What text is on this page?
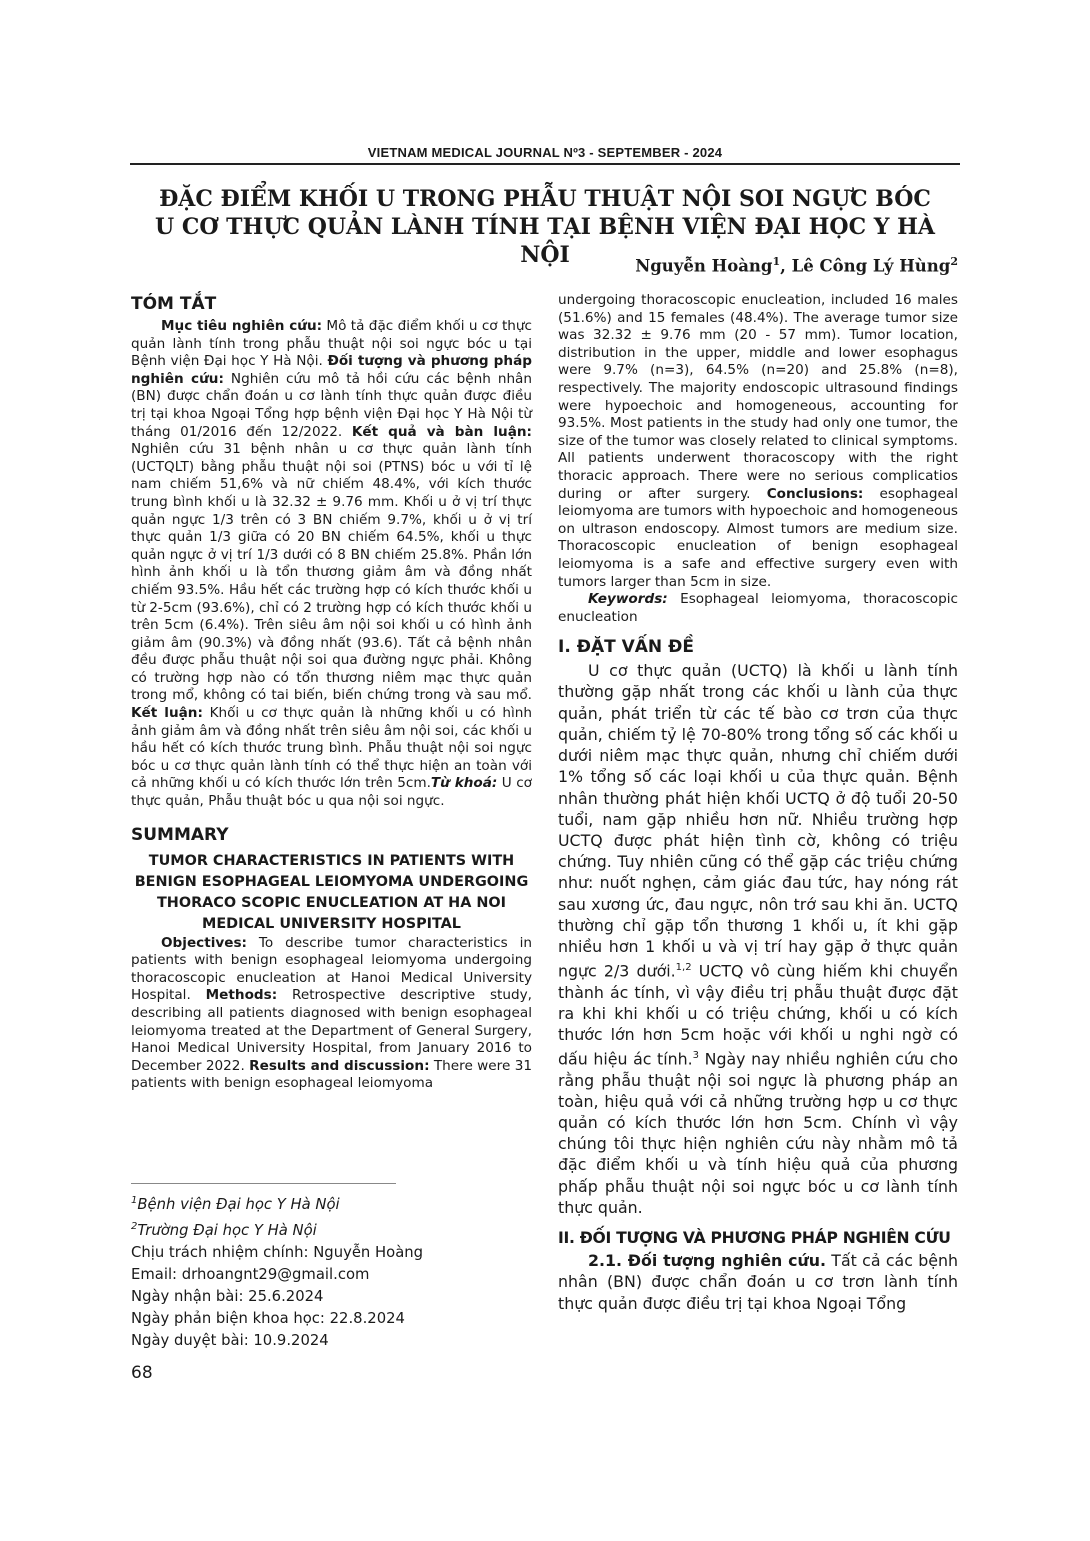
VIETNAM MEDICAL JOURNAL Nº3 - SEPTEMBER - 2024
ĐẶC ĐIỂM KHỐI U TRONG PHẪU THUẬT NỘI SOI NGỰC BÓC
U CƠ THỰC QUẢN LÀNH TÍNH TẠI BỆNH VIỆN ĐẠI HỌC Y HÀ NỘI	Nguyễn Hoàng$^1$, Lê Công Lý Hùng$^2$
TÓM TẮT

Mục tiêu nghiên cứu: Mô tả đặc điểm khối u cơ thực quản lành tính trong phẫu thuật nội soi ngực bóc u tại Bệnh viện Đại học Y Hà Nội. Đối tượng và phương pháp nghiên cứu: Nghiên cứu mô tả hồi cứu các bệnh nhân (BN) được chẩn đoán u cơ lành tính thực quản được điều trị tại khoa Ngoại Tổng hợp bệnh viện Đại học Y Hà Nội từ tháng 01/2016 đến 12/2022. Kết quả và bàn luận: Nghiên cứu 31 bệnh nhân u cơ thực quản lành tính (UCTQLT) bằng phẫu thuật nội soi (PTNS) bóc u với tỉ lệ nam chiếm 51,6% và nữ chiếm 48.4%, với kích thước trung bình khối u là 32.32 ± 9.76 mm. Khối u ở vị trí thực quản ngực 1/3 trên có 3 BN chiếm 9.7%, khối u ở vị trí thực quản 1/3 giữa có 20 BN chiếm 64.5%, khối u thực quản ngực ở vị trí 1/3 dưới có 8 BN chiếm 25.8%. Phần lớn hình ảnh khối u là tổn thương giảm âm và đồng nhất chiếm 93.5%. Hầu hết các trường hợp có kích thước khối u từ 2-5cm (93.6%), chỉ có 2 trường hợp có kích thước khối u trên 5cm (6.4%). Trên siêu âm nội soi khối u có hình ảnh giảm âm (90.3%) và đồng nhất (93.6). Tất cả bệnh nhân đều được phẫu thuật nội soi qua đường ngực phải. Không có trường hợp nào có tổn thương niêm mạc thực quản trong mổ, không có tai biến, biến chứng trong và sau mổ. Kết luận: Khối u cơ thực quản là những khối u có hình ảnh giảm âm và đồng nhất trên siêu âm nội soi, các khối u hầu hết có kích thước trung bình. Phẫu thuật nội soi ngực bóc u cơ thực quản lành tính có thể thực hiện an toàn với cả những khối u có kích thước lớn trên 5cm.Từ khoá: U cơ thực quản, Phẫu thuật bóc u qua nội soi ngực.

SUMMARY
TUMOR CHARACTERISTICS IN PATIENTS WITH BENIGN ESOPHAGEAL LEIOMYOMA UNDERGOING THORACO SCOPIC ENUCLEATION AT HA NOI MEDICAL UNIVERSITY HOSPITAL

Objectives: To describe tumor characteristics in patients with benign esophageal leiomyoma undergoing thoracoscopic enucleation at Hanoi Medical University Hospital. Methods: Retrospective descriptive study, describing all patients diagnosed with benign esophageal leiomyoma treated at the Department of General Surgery, Hanoi Medical University Hospital, from January 2016 to December 2022. Results and discussion: There were 31 patients with benign esophageal leiomyoma

$^1$Bệnh viện Đại học Y Hà Nội
$^2$Trường Đại học Y Hà Nội
Chịu trách nhiệm chính: Nguyễn Hoàng
Email: drhoangnt29@gmail.com
Ngày nhận bài: 25.6.2024
Ngày phản biện khoa học: 22.8.2024
Ngày duyệt bài: 10.9.2024
68

undergoing thoracoscopic enucleation, included 16 males (51.6%) and 15 females (48.4%). The average tumor size was 32.32 ± 9.76 mm (20 - 57 mm). Tumor location, distribution in the upper, middle and lower esophagus were 9.7% (n=3), 64.5% (n=20) and 25.8% (n=8), respectively. The majority endoscopic ultrasound findings were hypoechoic and homogeneous, accounting for 93.5%. Most patients in the study had only one tumor, the size of the tumor was closely related to clinical symptoms. All patients underwent thoracoscopy with the right thoracic approach. There were no serious complicatios during or after surgery. Conclusions: esophageal leiomyoma are tumors with hypoechoic and homogeneous on ultrason endoscopy. Almost tumors are medium size. Thoracoscopic enucleation of benign esophageal leiomyoma is a safe and effective surgery even with tumors larger than 5cm in size.

Keywords: Esophageal leiomyoma, thoracoscopic enucleation

I. ĐẶT VẤN ĐỀ

U cơ thực quản (UCTQ) là khối u lành tính thường gặp nhất trong các khối u lành của thực quản, phát triển từ các tế bào cơ trơn của thực quản, chiếm tỷ lệ 70-80% trong tổng số các khối u dưới niêm mạc thực quản, nhưng chỉ chiếm dưới 1% tổng số các loại khối u của thực quản. Bệnh nhân thường phát hiện khối UCTQ ở độ tuổi 20-50 tuổi, nam gặp nhiều hơn nữ. Nhiều trường hợp UCTQ được phát hiện tình cờ, không có triệu chứng. Tuy nhiên cũng có thể gặp các triệu chứng như: nuốt nghẹn, cảm giác đau tức, hay nóng rát sau xương ức, đau ngực, nôn trớ sau khi ăn. UCTQ thường chỉ gặp tổn thương 1 khối u, ít khi gặp nhiều hơn 1 khối u và vị trí hay gặp ở thực quản ngực 2/3 dưới.$^{1,2}$ UCTQ vô cùng hiếm khi chuyển thành ác tính, vì vậy điều trị phẫu thuật được đặt ra khi khi khối u có triệu chứng, khối u có kích thước lớn hơn 5cm hoặc với khối u nghi ngờ có dấu hiệu ác tính.$^3$ Ngày nay nhiều nghiên cứu cho rằng phẫu thuật nội soi ngực là phương pháp an toàn, hiệu quả với cả những trường hợp u cơ thực quản có kích thước lớn hơn 5cm. Chính vì vậy chúng tôi thực hiện nghiên cứu này nhằm mô tả đặc điểm khối u và tính hiệu quả của phương phấp phẫu thuật nội soi ngực bóc u cơ lành tính thực quản.

II. ĐỐI TƯỢNG VÀ PHƯƠNG PHÁP NGHIÊN CỨU

2.1. Đối tượng nghiên cứu. Tất cả các bệnh nhân (BN) được chẩn đoán u cơ trơn lành tính thực quản được điều trị tại khoa Ngoại Tổng
